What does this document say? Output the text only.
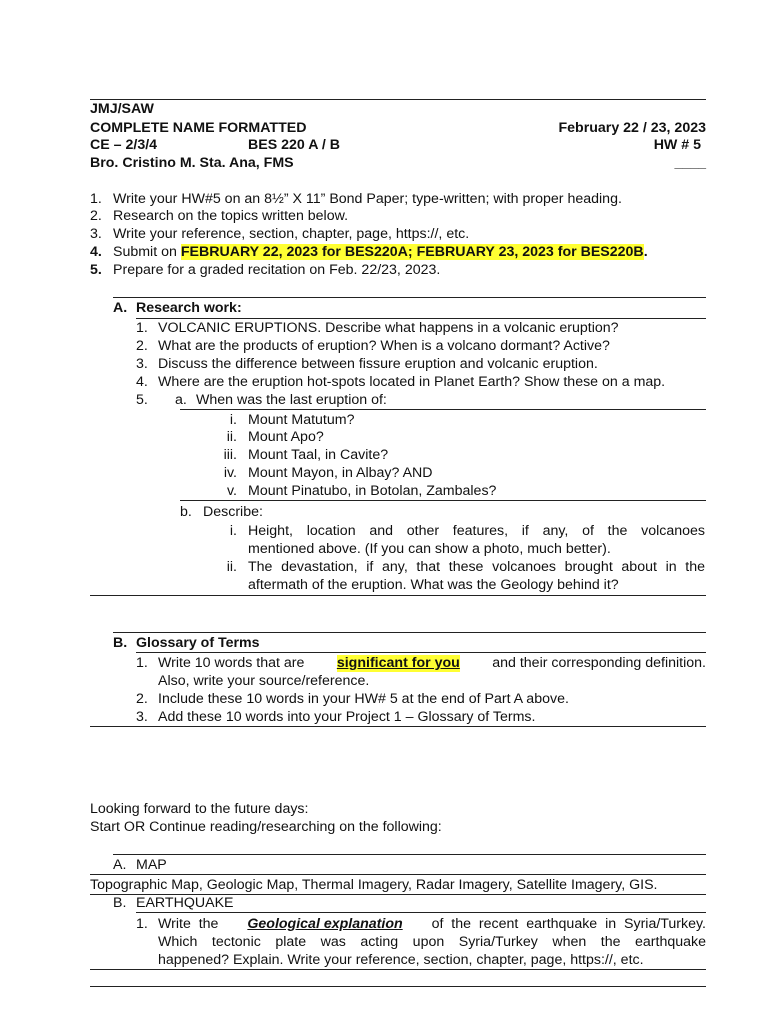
JMJ/SAW
COMPLETE NAME FORMATTED	February 22 / 23, 2023
CE – 2/3/4	BES 220 A / B	HW # 5
Bro. Cristino M. Sta. Ana, FMS	____
1. Write your HW#5 on an 8½” X 11” Bond Paper; type-written; with proper heading.
2. Research on the topics written below.
3. Write your reference, section, chapter, page, https://, etc.
4. Submit on FEBRUARY 22, 2023 for BES220A; FEBRUARY 23, 2023 for BES220B.
5. Prepare for a graded recitation on Feb. 22/23, 2023.
A. Research work:
1. VOLCANIC ERUPTIONS. Describe what happens in a volcanic eruption?
2. What are the products of eruption? When is a volcano dormant? Active?
3. Discuss the difference between fissure eruption and volcanic eruption.
4. Where are the eruption hot-spots located in Planet Earth? Show these on a map.
5. a. When was the last eruption of:
i. Mount Matutum?
ii. Mount Apo?
iii. Mount Taal, in Cavite?
iv. Mount Mayon, in Albay? AND
v. Mount Pinatubo, in Botolan, Zambales?
b. Describe:
i. Height, location and other features, if any, of the volcanoes
mentioned above. (If you can show a photo, much better).
ii. The devastation, if any, that these volcanoes brought about in the
aftermath of the eruption. What was the Geology behind it?
B. Glossary of Terms
1. Write 10 words that are significant for you and their corresponding definition.
Also, write your source/reference.
2. Include these 10 words in your HW# 5 at the end of Part A above.
3. Add these 10 words into your Project 1 – Glossary of Terms.
Looking forward to the future days:
Start OR Continue reading/researching on the following:
A. MAP
Topographic Map, Geologic Map, Thermal Imagery, Radar Imagery, Satellite Imagery, GIS.
B. EARTHQUAKE
1. Write  the Geological explanation of  the  recent  earthquake  in  Syria/Turkey.
Which tectonic plate was acting upon Syria/Turkey when the earthquake
happened? Explain. Write your reference, section, chapter, page, https://, etc.
